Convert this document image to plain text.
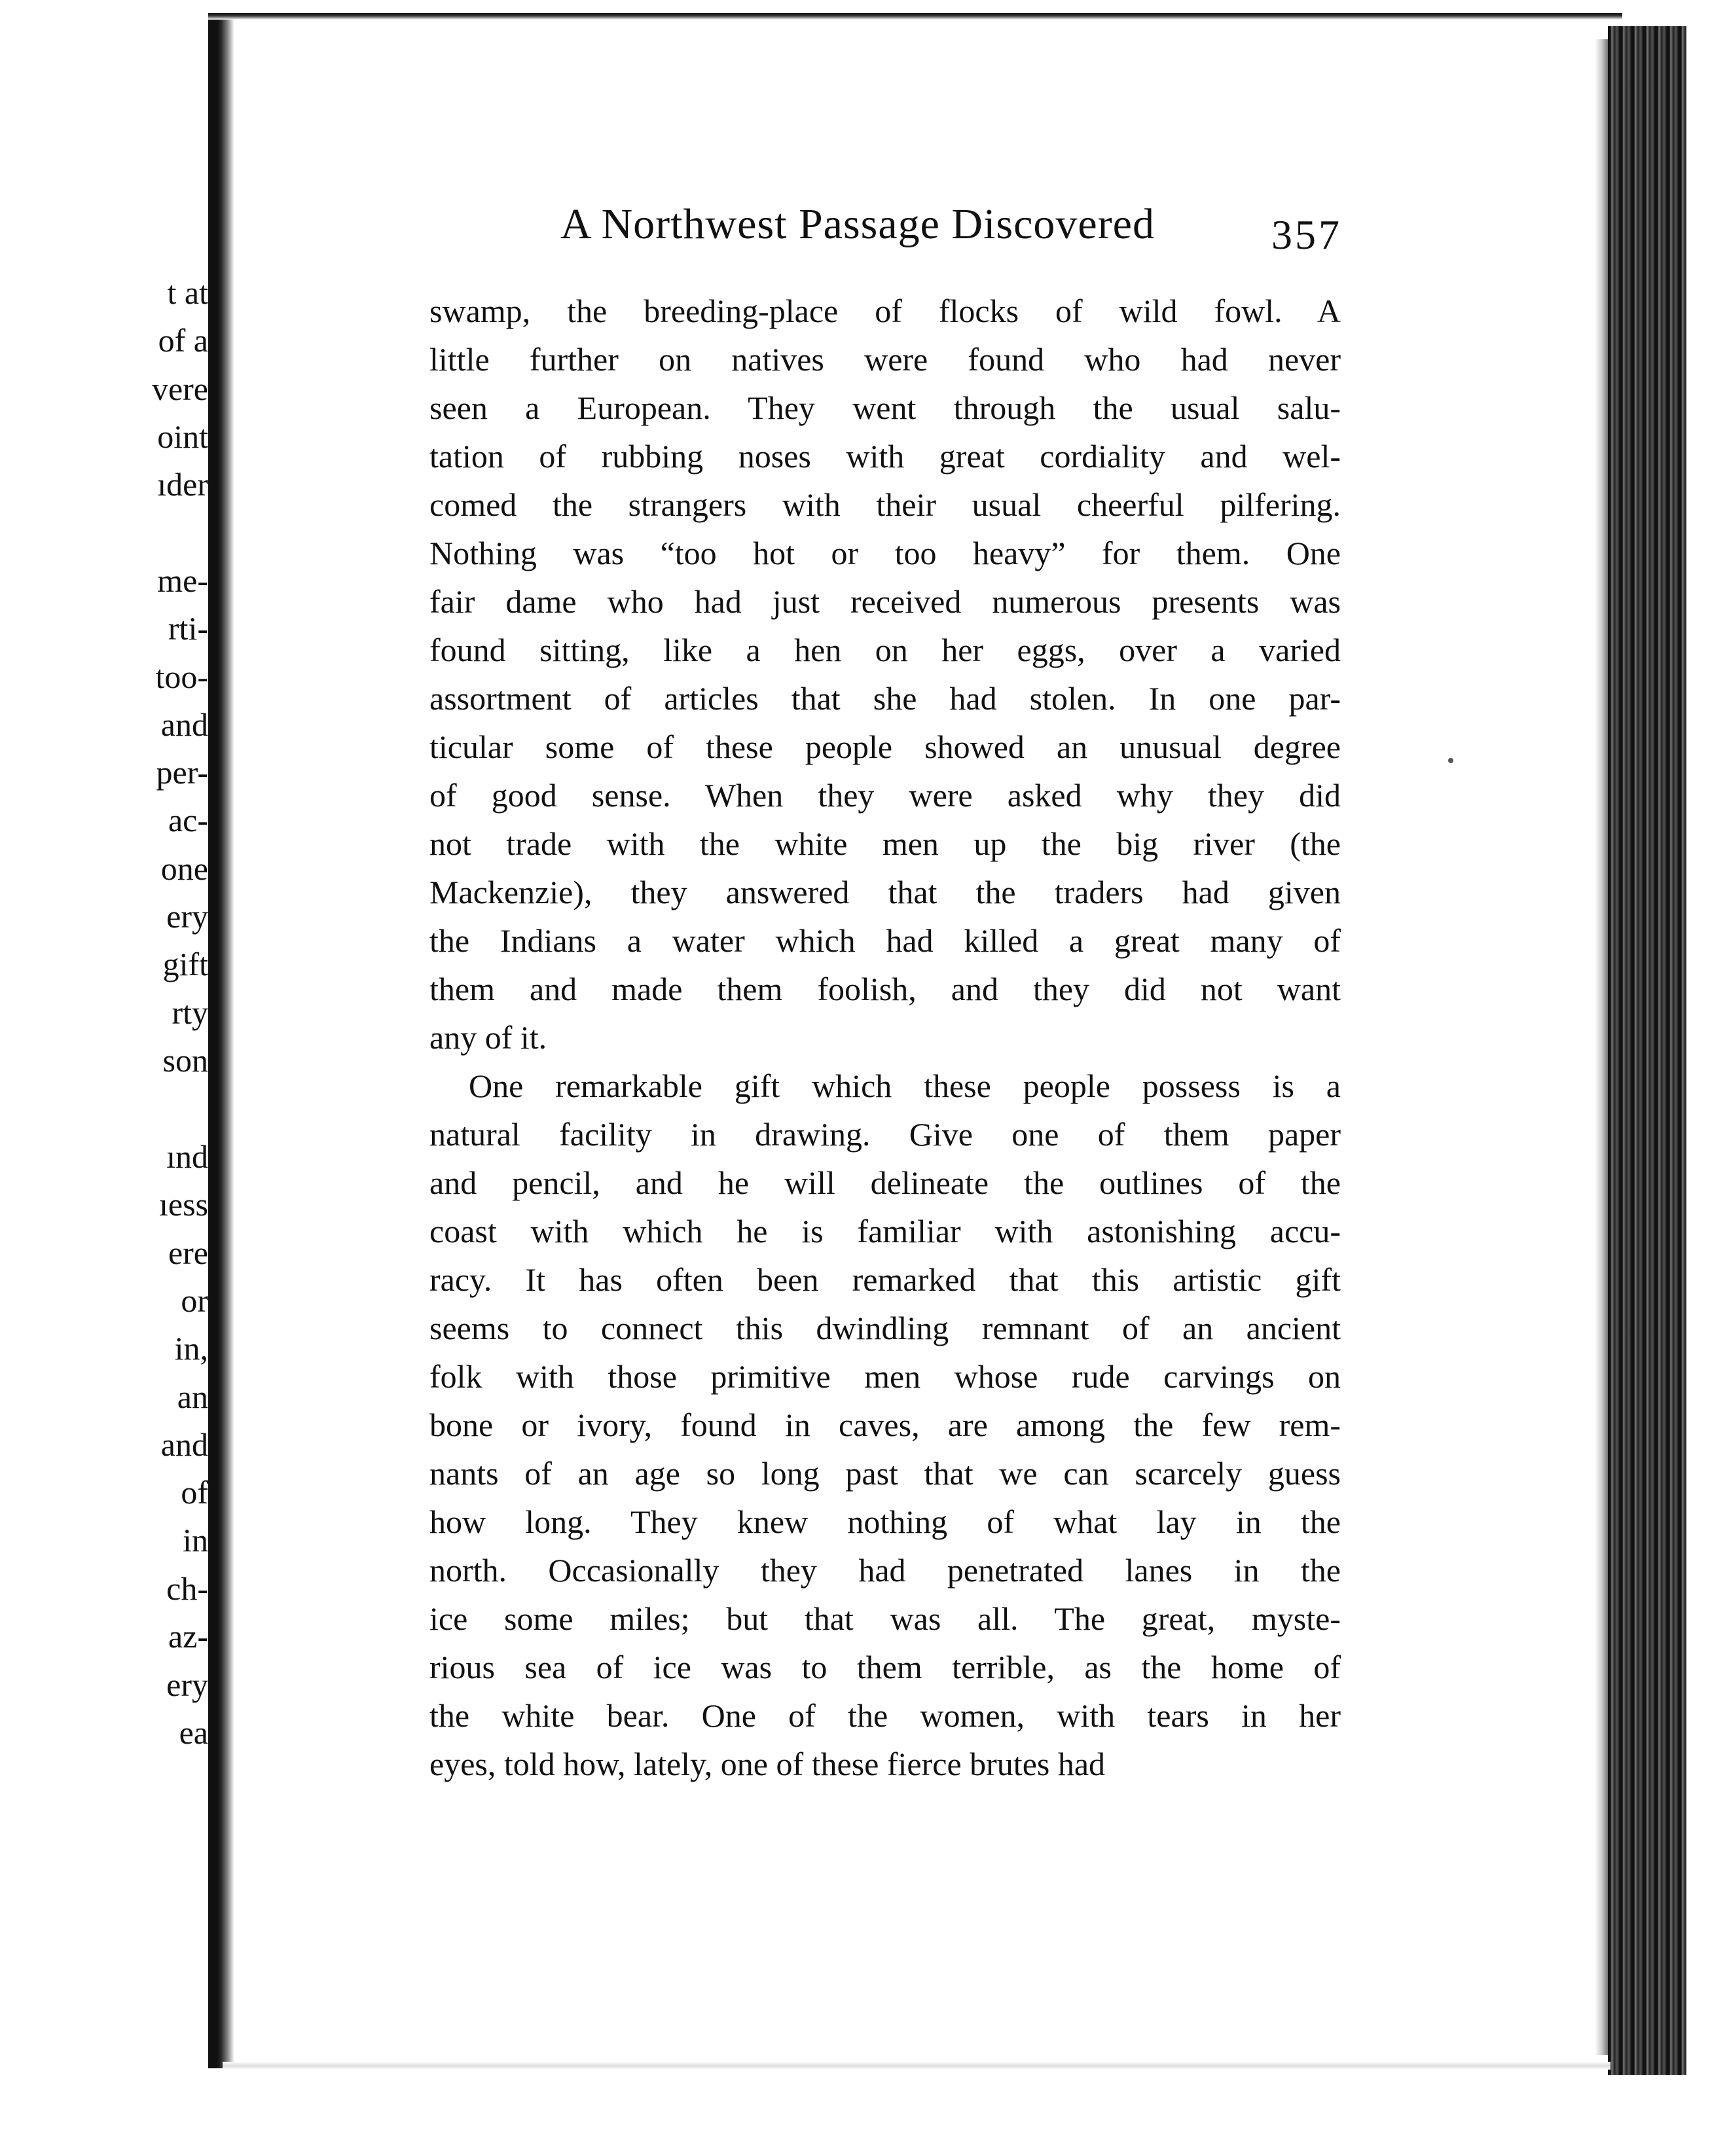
t at
of a
vere
oint
ıder
me-
rti-
too-
and
per-
ac-
one
ery
gift
rty
son
ınd
ıess
ere
or
in,
an
and
of
in
ch-
az-
ery
ea
A Northwest Passage Discovered	357
swamp, the breeding-place of flocks of wild fowl. A
little further on natives were found who had never
seen a European. They went through the usual salu-
tation of rubbing noses with great cordiality and wel-
comed the strangers with their usual cheerful pilfering.
Nothing was “too hot or too heavy” for them. One
fair dame who had just received numerous presents was
found sitting, like a hen on her eggs, over a varied
assortment of articles that she had stolen. In one par-
ticular some of these people showed an unusual degree
of good sense. When they were asked why they did
not trade with the white men up the big river (the
Mackenzie), they answered that the traders had given
the Indians a water which had killed a great many of
them and made them foolish, and they did not want
any of it.
One remarkable gift which these people possess is a
natural facility in drawing. Give one of them paper
and pencil, and he will delineate the outlines of the
coast with which he is familiar with astonishing accu-
racy. It has often been remarked that this artistic gift
seems to connect this dwindling remnant of an ancient
folk with those primitive men whose rude carvings on
bone or ivory, found in caves, are among the few rem-
nants of an age so long past that we can scarcely guess
how long. They knew nothing of what lay in the
north. Occasionally they had penetrated lanes in the
ice some miles; but that was all. The great, myste-
rious sea of ice was to them terrible, as the home of
the white bear. One of the women, with tears in her
eyes, told how, lately, one of these fierce brutes had
